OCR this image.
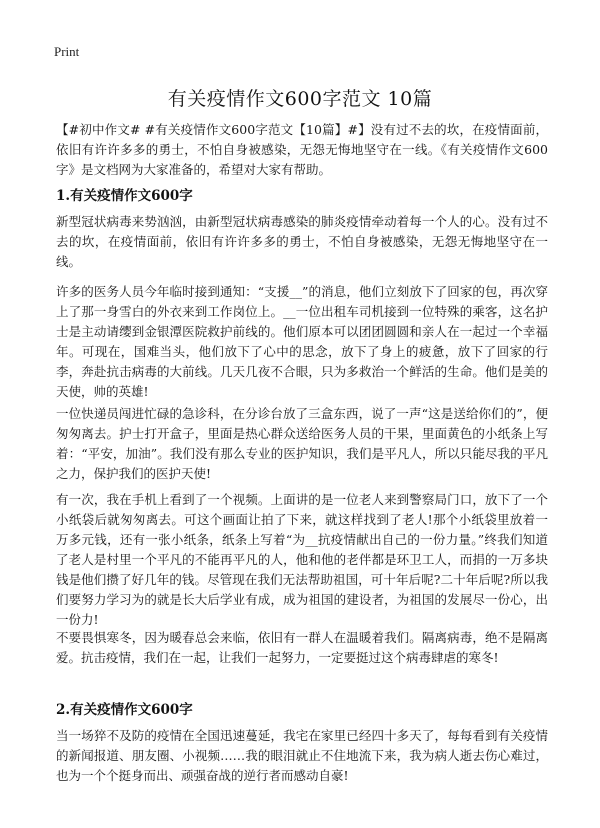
Print
有关疫情作文600字范文 10篇

【#初中作文# #有关疫情作文600字范文【10篇】#】没有过不去的坎，在疫情面前，依旧有许许多多的勇士，不怕自身被感染，无怨无悔地坚守在一线。《有关疫情作文600字》是文档网为大家准备的，希望对大家有帮助。

1.有关疫情作文600字

新型冠状病毒来势汹汹，由新型冠状病毒感染的肺炎疫情牵动着每一个人的心。没有过不去的坎，在疫情面前，依旧有许许多多的勇士，不怕自身被感染，无怨无悔地坚守在一线。

许多的医务人员今年临时接到通知：“支援__”的消息，他们立刻放下了回家的包，再次穿上了那一身雪白的外衣来到工作岗位上。__一位出租车司机接到一位特殊的乘客，这名护士是主动请缨到金银潭医院救护前线的。他们原本可以团团圆圆和亲人在一起过一个幸福年。可现在，国难当头，他们放下了心中的思念，放下了身上的疲惫，放下了回家的行李，奔赴抗击病毒的大前线。几天几夜不合眼，只为多救治一个鲜活的生命。他们是美的天使，帅的英雄!

一位快递员闯进忙碌的急诊科，在分诊台放了三盒东西，说了一声“这是送给你们的”，便匆匆离去。护士打开盒子，里面是热心群众送给医务人员的干果，里面黄色的小纸条上写着：“平安，加油”。我们没有那么专业的医护知识，我们是平凡人，所以只能尽我的平凡之力，保护我们的医护天使!

有一次，我在手机上看到了一个视频。上面讲的是一位老人来到警察局门口，放下了一个小纸袋后就匆匆离去。可这个画面让拍了下来，就这样找到了老人!那个小纸袋里放着一万多元钱，还有一张小纸条，纸条上写着“为__抗疫情献出自己的一份力量。”终我们知道了老人是村里一个平凡的不能再平凡的人，他和他的老伴都是环卫工人，而捐的一万多块钱是他们攒了好几年的钱。尽管现在我们无法帮助祖国，可十年后呢?二十年后呢?所以我们要努力学习为的就是长大后学业有成，成为祖国的建设者，为祖国的发展尽一份心，出一份力!

不要畏惧寒冬，因为暖春总会来临，依旧有一群人在温暖着我们。隔离病毒，绝不是隔离爱。抗击疫情，我们在一起，让我们一起努力，一定要挺过这个病毒肆虐的寒冬!

2.有关疫情作文600字

当一场猝不及防的疫情在全国迅速蔓延，我宅在家里已经四十多天了，每每看到有关疫情的新闻报道、朋友圈、小视频……我的眼泪就止不住地流下来，我为病人逝去伤心难过，也为一个个挺身而出、顽强奋战的逆行者而感动自豪!
